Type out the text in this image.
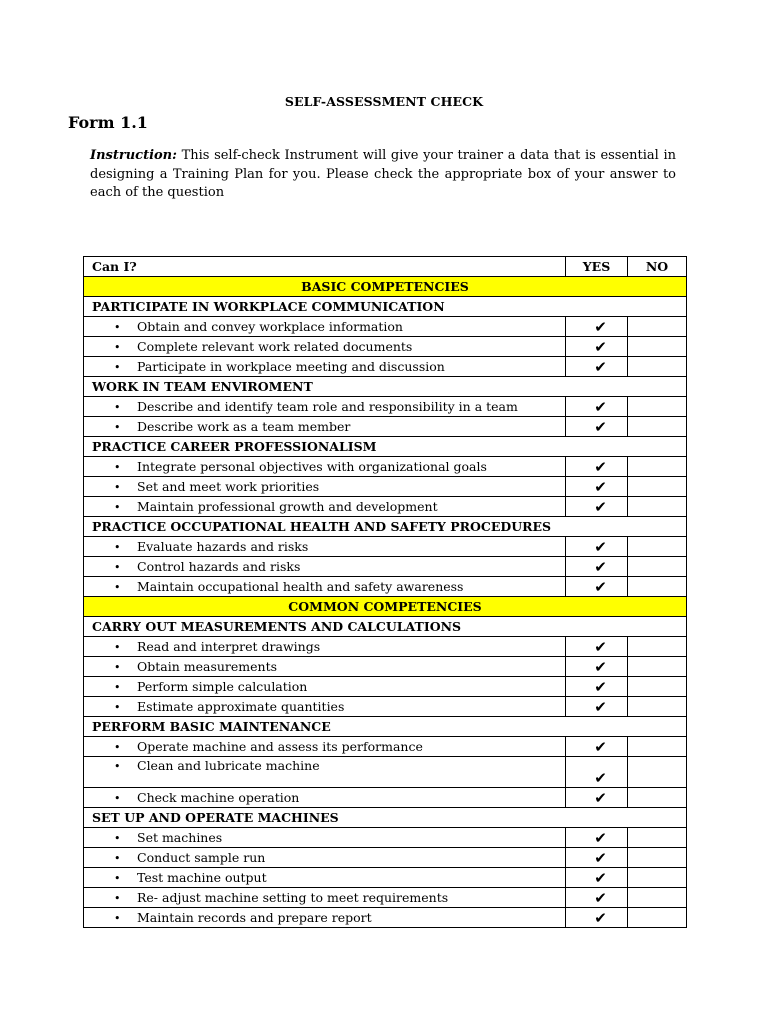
SELF-ASSESSMENT CHECK
Form 1.1
Instruction: This self-check Instrument will give your trainer a data that is essential in designing a Training Plan for you. Please check the appropriate box of your answer to each of the question
Can I?	YES	NO
BASIC COMPETENCIES		
PARTICIPATE IN WORKPLACE COMMUNICATION		
• Obtain and convey workplace information	✔	
• Complete relevant work related documents	✔	
• Participate in workplace meeting and discussion	✔	
WORK IN TEAM ENVIROMENT		
• Describe and identify team role and responsibility in a team	✔	
• Describe work as a team member	✔	
PRACTICE CAREER PROFESSIONALISM		
• Integrate personal objectives with organizational goals	✔	
• Set and meet work priorities	✔	
• Maintain professional growth and development	✔	
PRACTICE OCCUPATIONAL HEALTH AND SAFETY PROCEDURES		
• Evaluate hazards and risks	✔	
• Control hazards and risks	✔	
• Maintain occupational health and safety awareness	✔	
COMMON COMPETENCIES		
CARRY OUT MEASUREMENTS AND CALCULATIONS		
• Read and interpret drawings	✔	
• Obtain measurements	✔	
• Perform simple calculation	✔	
• Estimate approximate quantities	✔	
PERFORM BASIC MAINTENANCE		
• Operate machine and assess its performance	✔	
• Clean and lubricate machine	✔	
• Check machine operation	✔	
SET UP AND OPERATE MACHINES		
• Set machines	✔	
• Conduct sample run	✔	
• Test machine output	✔	
• Re- adjust machine setting to meet requirements	✔	
• Maintain records and prepare report	✔	
